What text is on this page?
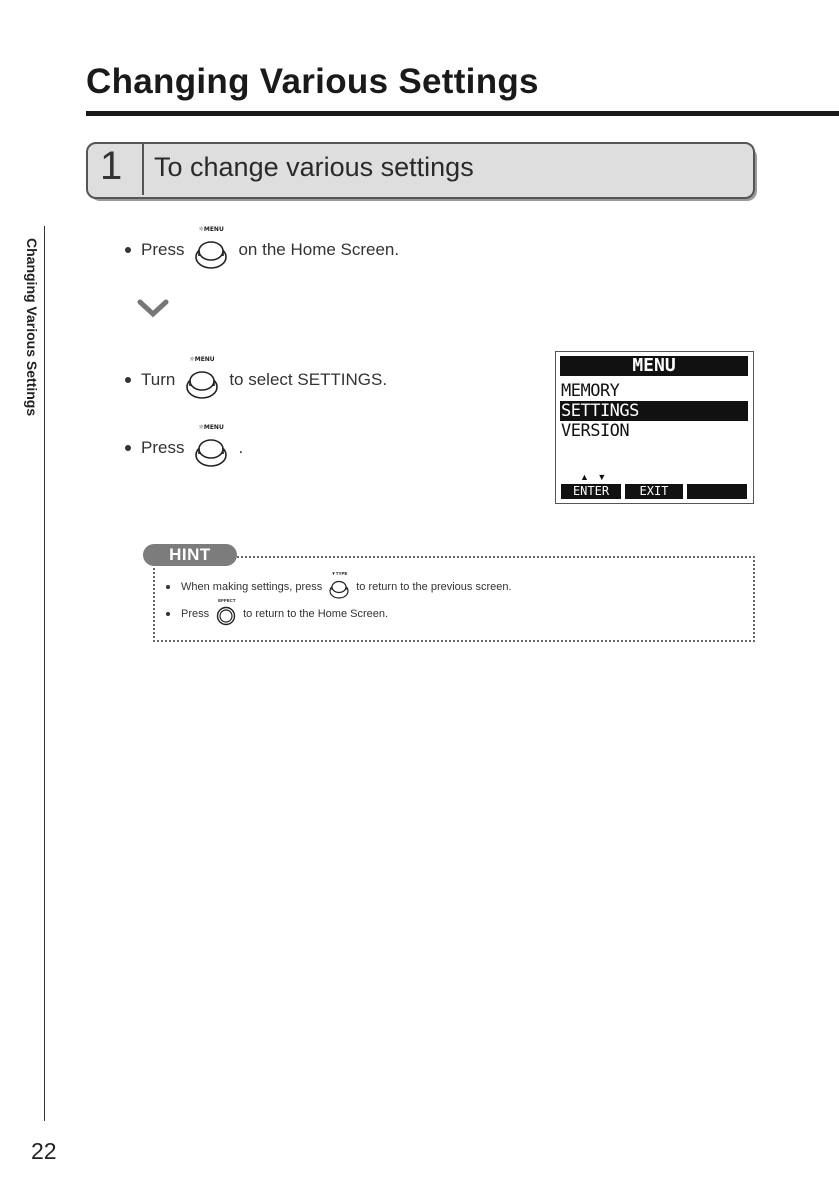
Changing Various Settings
Changing Various Settings
22
1 To change various settings
Press
☼MENU
on the Home Screen.
Turn
☼MENU
to select SETTINGS.
Press
☼MENU
.
MENU
MEMORY
SETTINGS
VERSION
▲ ▼
ENTER	EXIT
HINT
When making settings, press
▼TYPE
to return to the previous screen.
Press
EFFECT
to return to the Home Screen.
